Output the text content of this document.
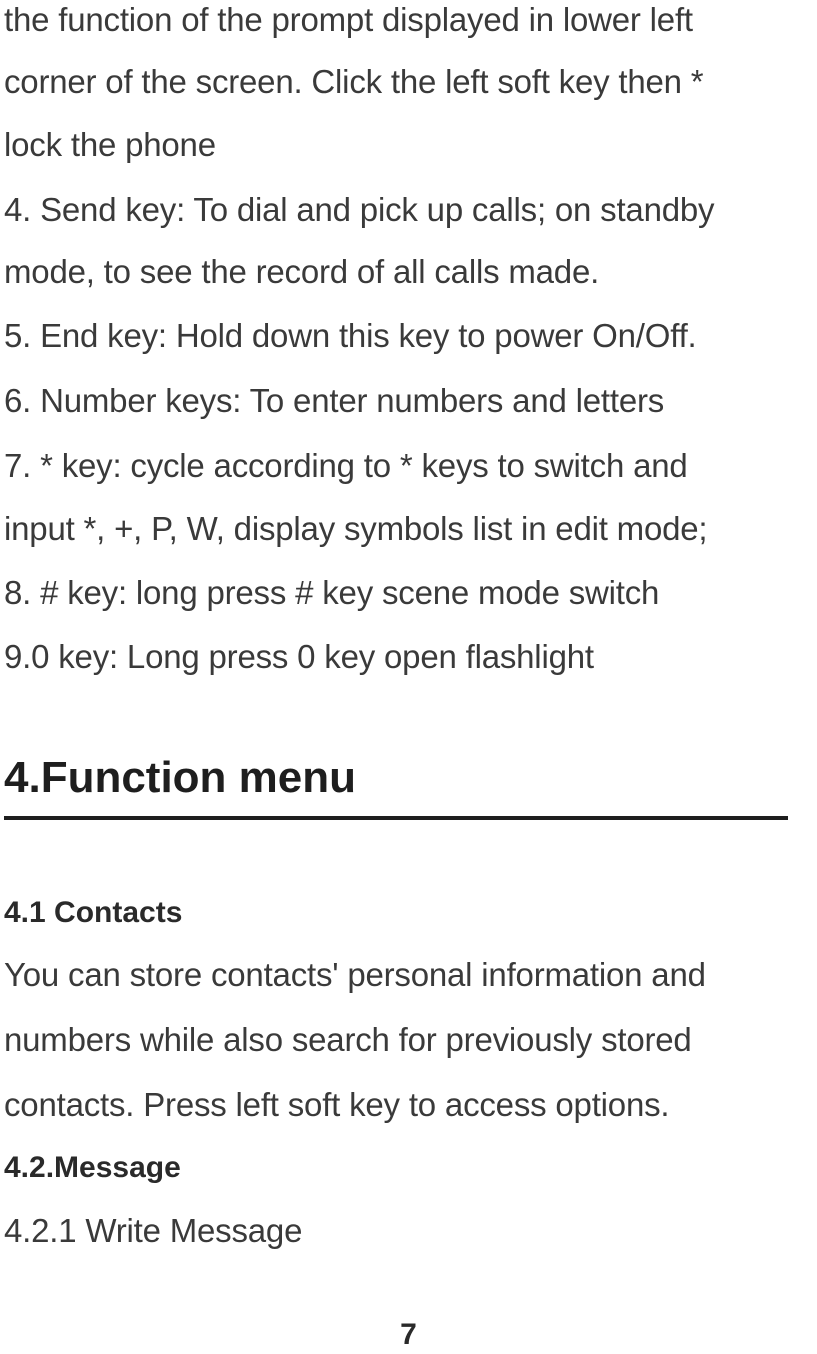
the function of the prompt displayed in lower left
corner of the screen. Click the left soft key then *
lock the phone
4. Send key: To dial and pick up calls; on standby
mode, to see the record of all calls made.
5. End key: Hold down this key to power On/Off.
6. Number keys: To enter numbers and letters
7. * key: cycle according to * keys to switch and
input *, +, P, W, display symbols list in edit mode;
8. # key: long press # key scene mode switch
9.0 key: Long press 0 key open flashlight
4.Function menu
4.1 Contacts
You can store contacts' personal information and
numbers while also search for previously stored
contacts. Press left soft key to access options.
4.2.Message
4.2.1 Write Message
7
